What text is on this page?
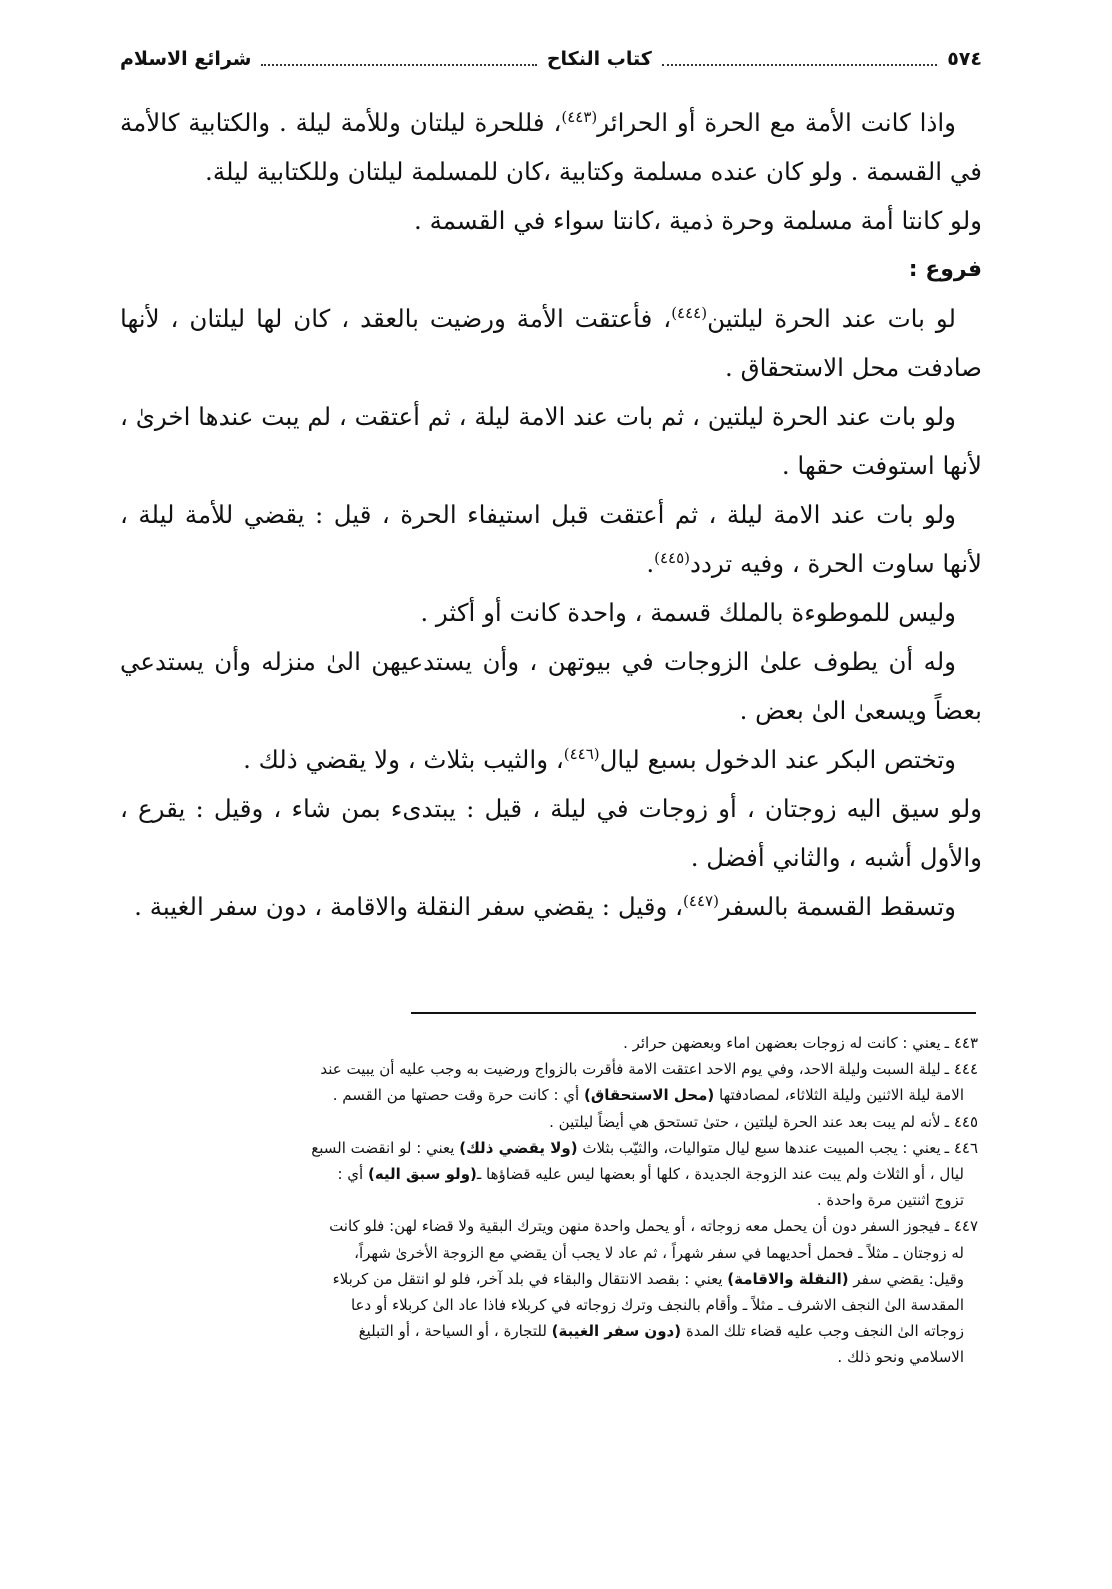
٥٧٤
كتاب النكاح
شرائع الاسلام

واذا كانت الأمة مع الحرة أو الحرائر$^{(٤٤٣)}$، فللحرة ليلتان وللأمة ليلة . والكتابية كالأمة في القسمة . ولو كان عنده مسلمة وكتابية ،كان للمسلمة ليلتان وللكتابية ليلة.

ولو كانتا أمة مسلمة وحرة ذمية ،كانتا سواء في القسمة .

فروع :

لو بات عند الحرة ليلتين$^{(٤٤٤)}$، فأعتقت الأمة ورضيت بالعقد ، كان لها ليلتان ، لأنها صادفت محل الاستحقاق .

ولو بات عند الحرة ليلتين ، ثم بات عند الامة ليلة ، ثم أعتقت ، لم يبت عندها اخرىٰ ، لأنها استوفت حقها .

ولو بات عند الامة ليلة ، ثم أعتقت قبل استيفاء الحرة ، قيل : يقضي للأمة ليلة ، لأنها ساوت الحرة ، وفيه تردد$^{(٤٤٥)}$.

وليس للموطوءة بالملك قسمة ، واحدة كانت أو أكثر .

وله أن يطوف علىٰ الزوجات في بيوتهن ، وأن يستدعيهن الىٰ منزله وأن يستدعي بعضاً ويسعىٰ الىٰ بعض .

وتختص البكر عند الدخول بسبع ليال$^{(٤٤٦)}$، والثيب بثلاث ، ولا يقضي ذلك .

ولو سيق اليه زوجتان ، أو زوجات في ليلة ، قيل : يبتدىء بمن شاء ، وقيل : يقرع ، والأول أشبه ، والثاني أفضل .

وتسقط القسمة بالسفر$^{(٤٤٧)}$، وقيل : يقضي سفر النقلة والاقامة ، دون سفر الغيبة .

٤٤٣ ـ
يعني : كانت له زوجات بعضهن اماء وبعضهن حرائر .
٤٤٤ ـ
ليلة السبت وليلة الاحد، وفي يوم الاحد اعتقت الامة فأقرت بالزواج ورضيت به وجب عليه أن يبيت عند
الامة ليلة الاثنين وليلة الثلاثاء، لمصادفتها (محل الاستحقاق) أي : كانت حرة وقت حصتها من القسم .
٤٤٥ ـ
لأنه لم يبت بعد عند الحرة ليلتين ، حتىٰ تستحق هي أيضاً ليلتين .
٤٤٦ ـ
يعني : يجب المبيت عندها سبع ليال متواليات، والثيّب بثلاث (ولا يقضي ذلك) يعني : لو انقضت السبع
ليال ، أو الثلاث ولم يبت عند الزوجة الجديدة ، كلها أو بعضها ليس عليه قضاؤها ـ(ولو سبق اليه) أي :
تزوج اثنتين مرة واحدة .
٤٤٧ ـ
فيجوز السفر دون أن يحمل معه زوجاته ، أو يحمل واحدة منهن ويترك البقية ولا قضاء لهن: فلو كانت
له زوجتان ـ مثلاً ـ فحمل أحديهما في سفر شهراً ، ثم عاد لا يجب أن يقضي مع الزوجة الأخرىٰ شهراً،
وقيل: يقضي سفر (النقلة والاقامة) يعني : بقصد الانتقال والبقاء في بلد آخر، فلو لو انتقل من كربلاء
المقدسة الىٰ النجف الاشرف ـ مثلاً ـ وأقام بالنجف وترك زوجاته في كربلاء فاذا عاد الىٰ كربلاء أو دعا
زوجاته الىٰ النجف وجب عليه قضاء تلك المدة (دون سفر الغيبة) للتجارة ، أو السياحة ، أو التبليغ
الاسلامي ونحو ذلك .
